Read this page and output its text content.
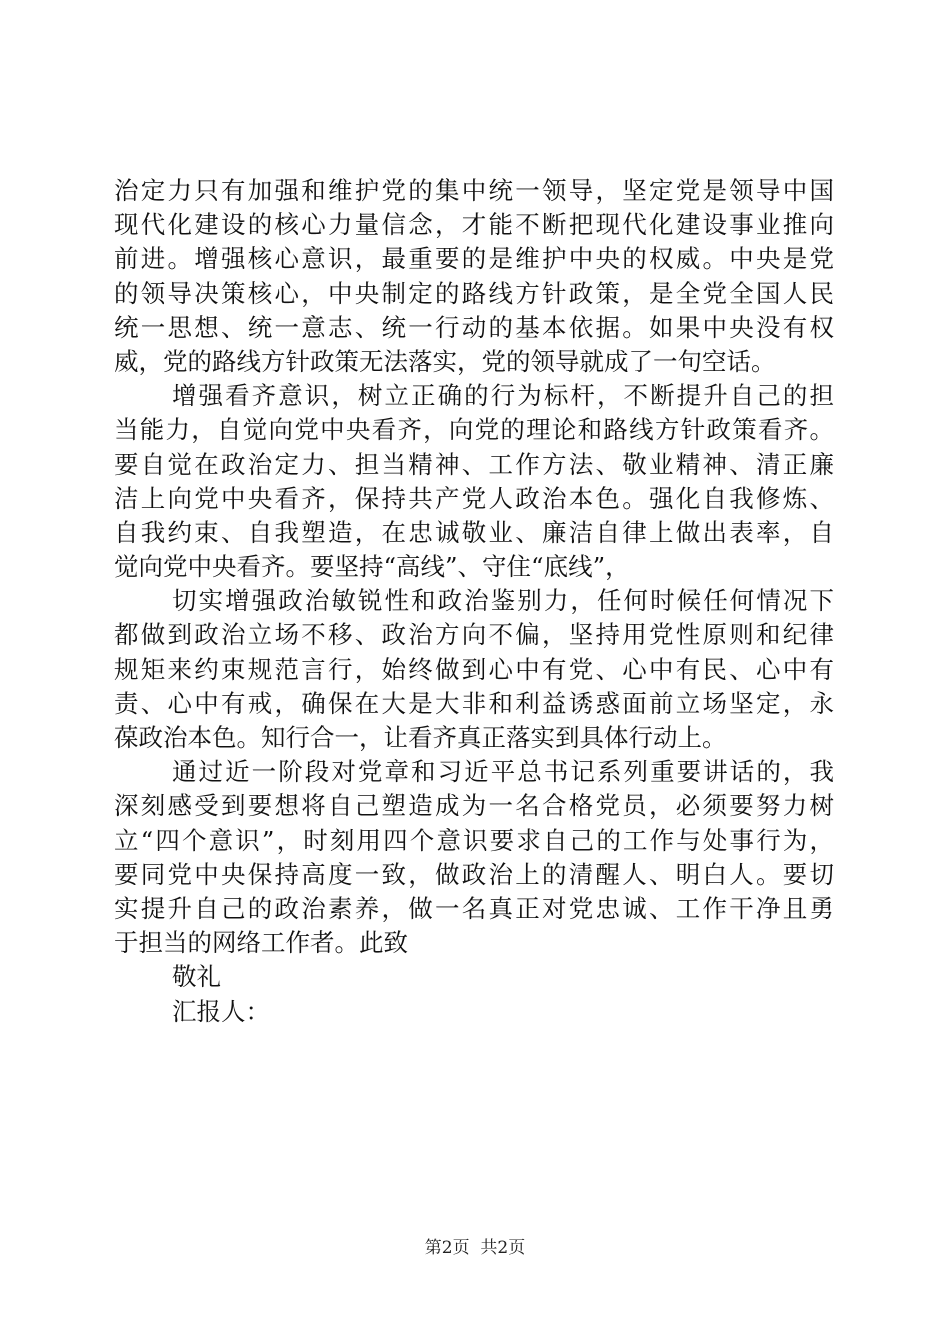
治定力只有加强和维护党的集中统一领导，坚定党是领导中国
现代化建设的核心力量信念，才能不断把现代化建设事业推向
前进。增强核心意识，最重要的是维护中央的权威。中央是党
的领导决策核心，中央制定的路线方针政策，是全党全国人民
统一思想、统一意志、统一行动的基本依据。如果中央没有权
威，党的路线方针政策无法落实，党的领导就成了一句空话。
增强看齐意识，树立正确的行为标杆，不断提升自己的担
当能力，自觉向党中央看齐，向党的理论和路线方针政策看齐。
要自觉在政治定力、担当精神、工作方法、敬业精神、清正廉
洁上向党中央看齐，保持共产党人政治本色。强化自我修炼、
自我约束、自我塑造，在忠诚敬业、廉洁自律上做出表率，自
觉向党中央看齐。要坚持“高线”、守住“底线”，
切实增强政治敏锐性和政治鉴别力，任何时候任何情况下
都做到政治立场不移、政治方向不偏，坚持用党性原则和纪律
规矩来约束规范言行，始终做到心中有党、心中有民、心中有
责、心中有戒，确保在大是大非和利益诱惑面前立场坚定，永
葆政治本色。知行合一，让看齐真正落实到具体行动上。
通过近一阶段对党章和习近平总书记系列重要讲话的，我
深刻感受到要想将自己塑造成为一名合格党员，必须要努力树
立“四个意识”，时刻用四个意识要求自己的工作与处事行为，
要同党中央保持高度一致，做政治上的清醒人、明白人。要切
实提升自己的政治素养，做一名真正对党忠诚、工作干净且勇
于担当的网络工作者。此致
敬礼
汇报人：
第2页  共2页
